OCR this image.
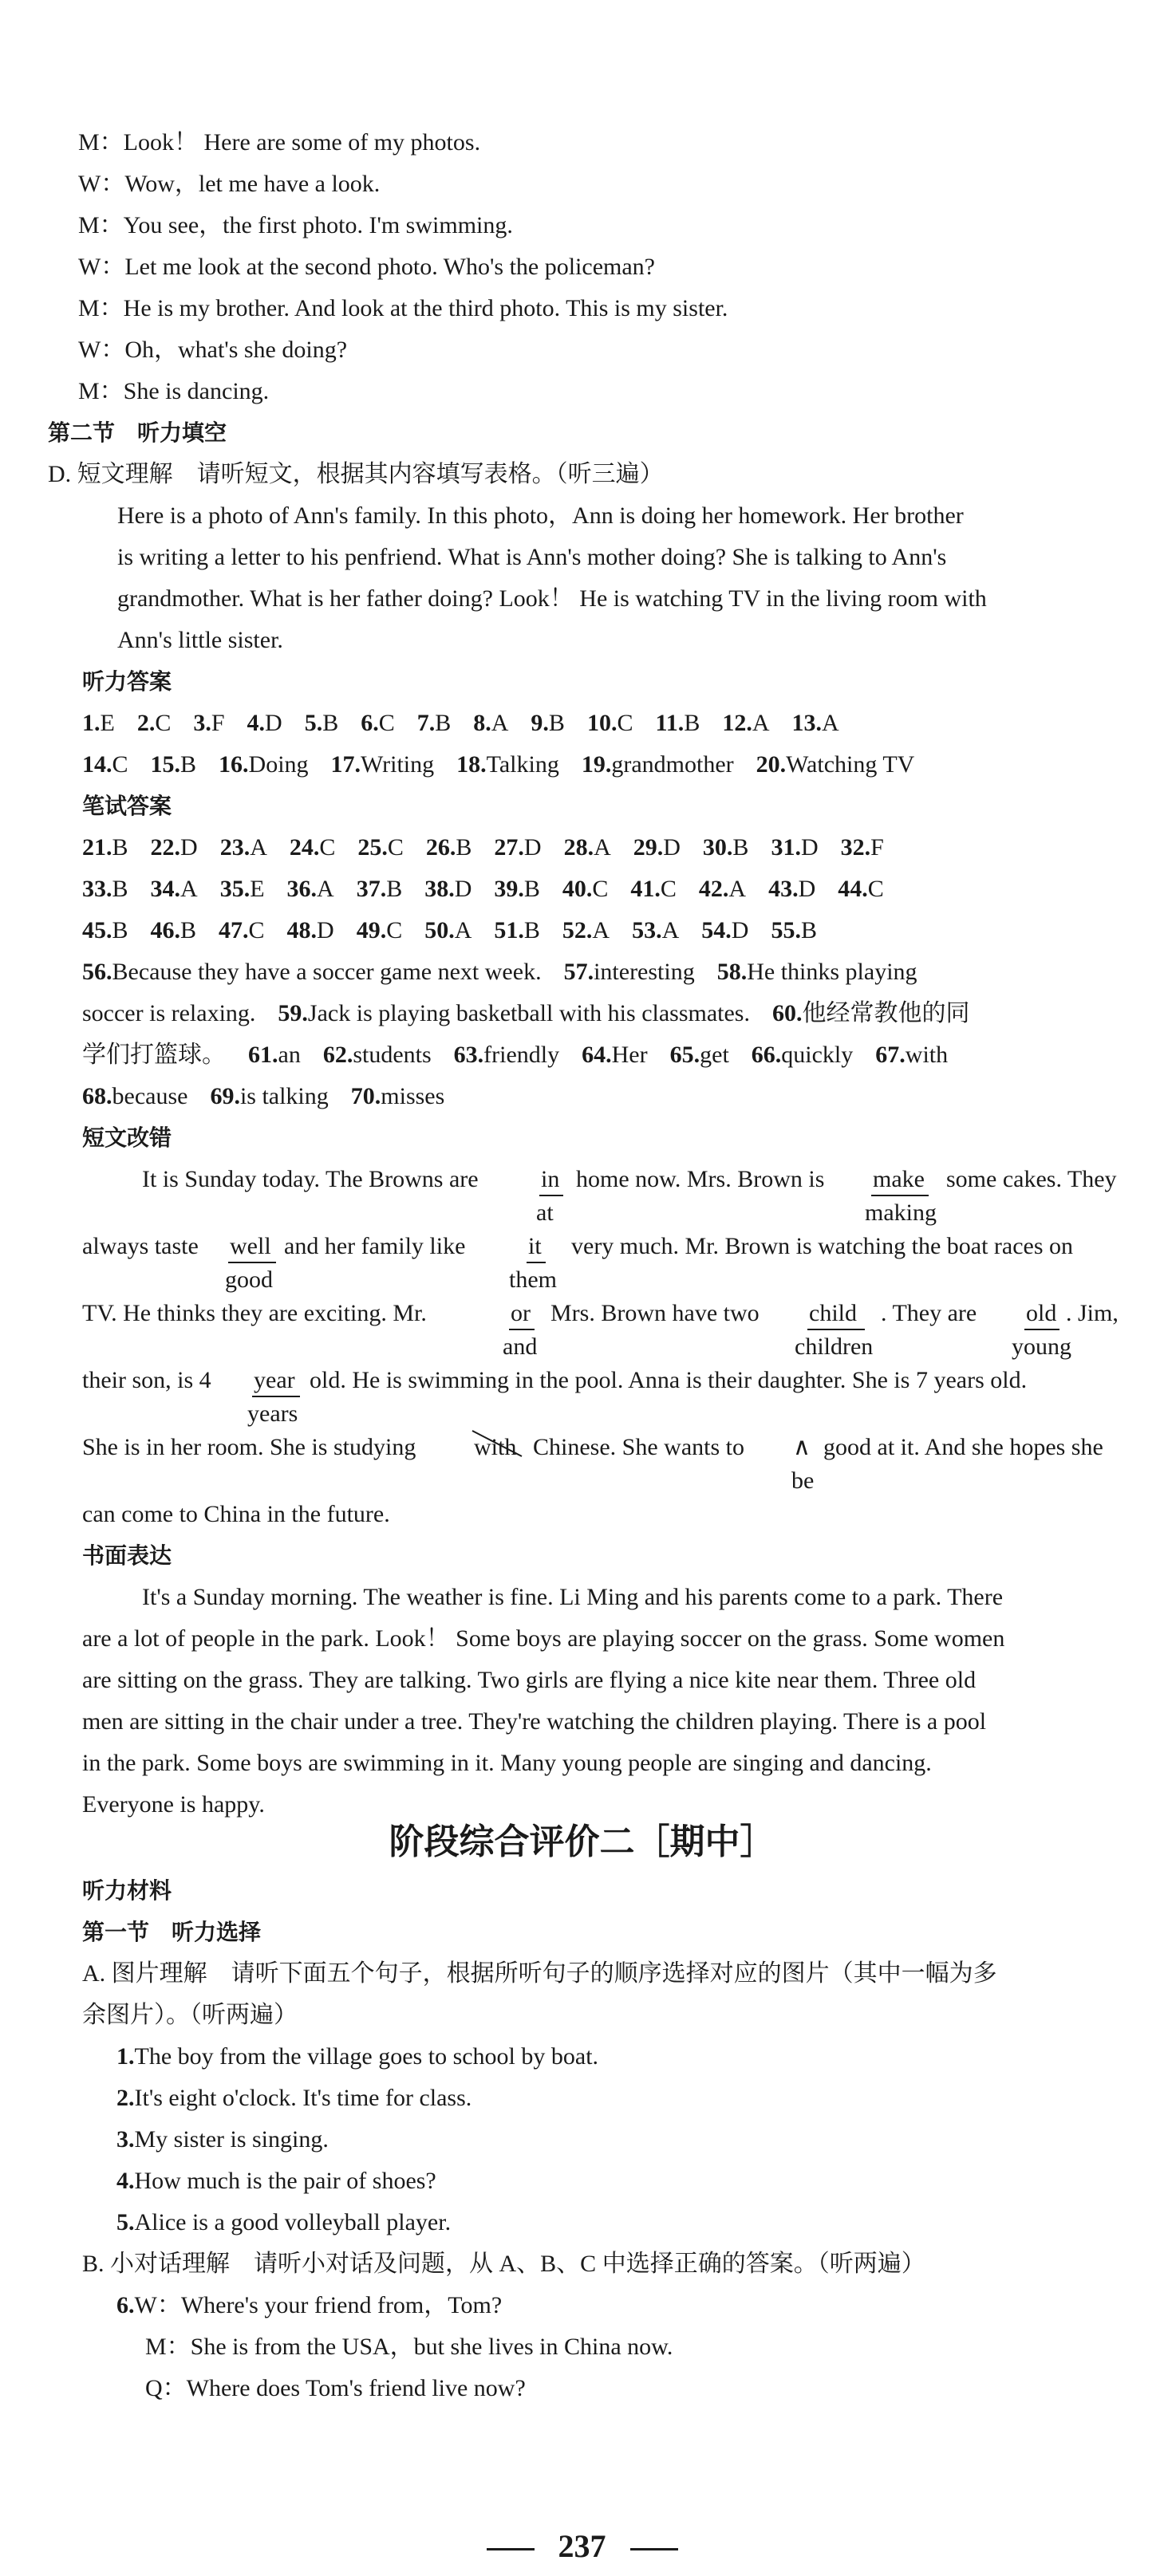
M：Look！ Here are some of my photos.
W：Wow，let me have a look.
M：You see，the first photo. I'm swimming.
W：Let me look at the second photo. Who's the policeman?
M：He is my brother. And look at the third photo. This is my sister.
W：Oh，what's she doing?
M：She is dancing.
第二节　听力填空
D. 短文理解　请听短文，根据其内容填写表格。（听三遍）
Here is a photo of Ann's family. In this photo，Ann is doing her homework. Her brother
is writing a letter to his penfriend. What is Ann's mother doing? She is talking to Ann's
grandmother. What is her father doing? Look！ He is watching TV in the living room with
Ann's little sister.
听力答案
1.E 2.C 3.F 4.D 5.B 6.C 7.B 8.A 9.B 10.C 11.B 12.A 13.A
14.C 15.B 16.Doing 17.Writing 18.Talking 19.grandmother 20.Watching TV
笔试答案
21.B 22.D 23.A 24.C 25.C 26.B 27.D 28.A 29.D 30.B 31.D 32.F
33.B 34.A 35.E 36.A 37.B 38.D 39.B 40.C 41.C 42.A 43.D 44.C
45.B 46.B 47.C 48.D 49.C 50.A 51.B 52.A 53.A 54.D 55.B
56.Because they have a soccer game next week. 57.interesting 58.He thinks playing
soccer is relaxing. 59.Jack is playing basketball with his classmates. 60.他经常教他的同
学们打篮球。 61.an 62.students 63.friendly 64.Her 65.get 66.quickly 67.with
68.because 69.is talking 70.misses
短文改错
It is Sunday today. The Browns are	in home now. Mrs. Brown is make some cakes. They
at	making
always taste well and her family like	it very much. Mr. Brown is watching the boat races on
good	them
TV. He thinks they are exciting. Mr.	or Mrs. Brown have two child . They are old . Jim,
and	children	young
their son, is 4 year old. He is swimming in the pool. Anna is their daughter. She is 7 years old.
years
She is in her room. She is studying with Chinese. She wants to ∧ good at it. And she hopes she
be
can come to China in the future.
书面表达
It's a Sunday morning. The weather is fine. Li Ming and his parents come to a park. There
are a lot of people in the park. Look！ Some boys are playing soccer on the grass. Some women
are sitting on the grass. They are talking. Two girls are flying a nice kite near them. Three old
men are sitting in the chair under a tree. They're watching the children playing. There is a pool
in the park. Some boys are swimming in it. Many young people are singing and dancing.
Everyone is happy.
阶段综合评价二［期中］
听力材料
第一节　听力选择
A. 图片理解　请听下面五个句子，根据所听句子的顺序选择对应的图片（其中一幅为多
余图片）。（听两遍）
1.The boy from the village goes to school by boat.
2.It's eight o'clock. It's time for class.
3.My sister is singing.
4.How much is the pair of shoes?
5.Alice is a good volleyball player.
B. 小对话理解　请听小对话及问题，从 A、B、C 中选择正确的答案。（听两遍）
6.W：Where's your friend from，Tom?
M：She is from the USA，but she lives in China now.
Q：Where does Tom's friend live now?
237
